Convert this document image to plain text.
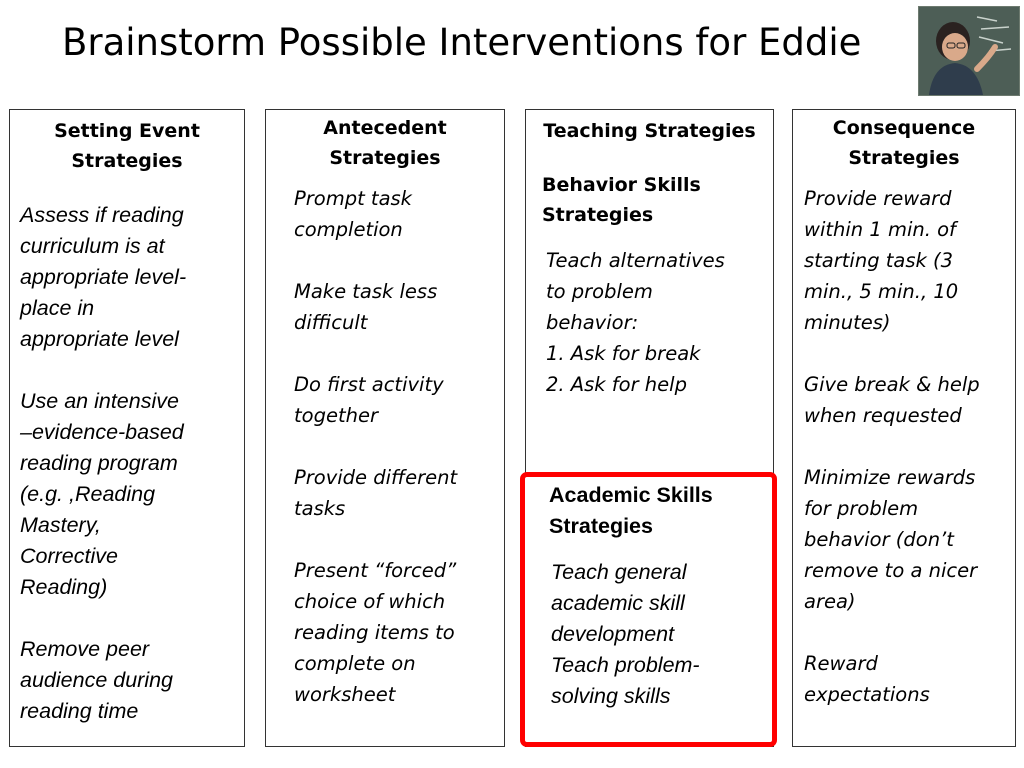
Brainstorm Possible Interventions for Eddie
Setting Event
Strategies
Assess if reading
curriculum is at
appropriate level-
place in
appropriate level
Use an intensive
–evidence-based
reading program
(e.g. ,Reading
Mastery,
Corrective
Reading)
Remove peer
audience during
reading time
Antecedent
Strategies
Prompt task
completion
Make task less
difficult
Do first activity
together
Provide different
tasks
Present “forced”
choice of which
reading items to
complete on
worksheet
Teaching Strategies
Behavior Skills
Strategies
Teach alternatives
to problem
behavior:
1. Ask for break
2. Ask for help
Academic Skills
Strategies
Teach general
academic skill
development
Teach problem-
solving skills
Consequence
Strategies
Provide reward
within 1 min. of
starting task (3
min., 5 min., 10
minutes)
Give break & help
when requested
Minimize rewards
for problem
behavior (don’t
remove to a nicer
area)
Reward
expectations
